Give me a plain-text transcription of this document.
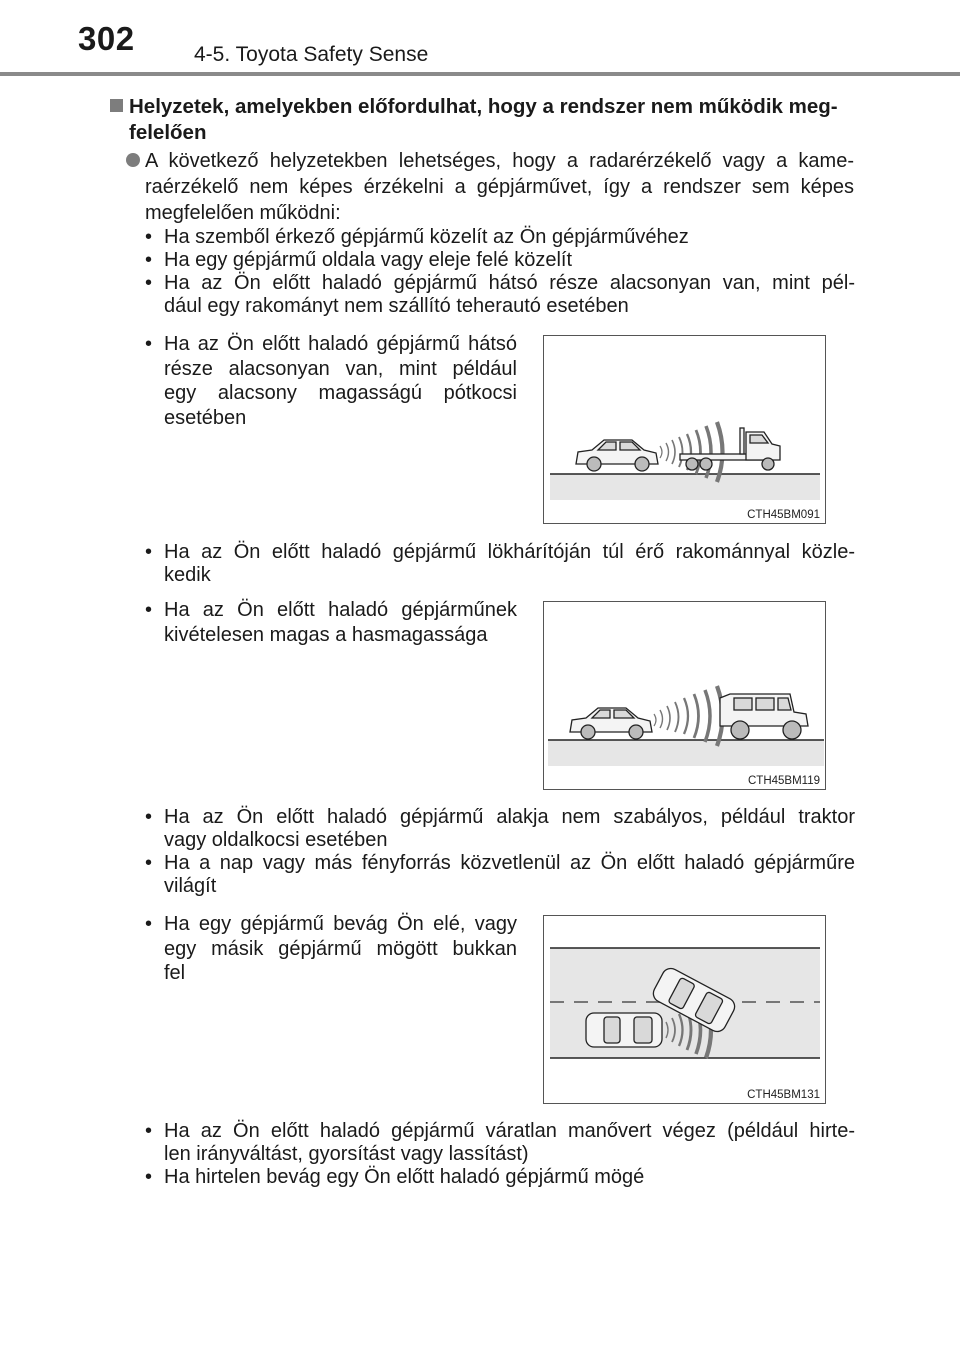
302	4-5. Toyota Safety Sense
Helyzetek, amelyekben előfordulhat, hogy a rendszer nem működik meg-
felelően
A következő helyzetekben lehetséges, hogy a radarérzékelő vagy a kame-
raérzékelő nem képes érzékelni a gépjárművet, így a rendszer sem képes
megfelelően működni:
• Ha szemből érkező gépjármű közelít az Ön gépjárművéhez
• Ha egy gépjármű oldala vagy eleje felé közelít
• Ha az Ön előtt haladó gépjármű hátsó része alacsonyan van, mint pél-
dául egy rakományt nem szállító teherautó esetében
• Ha az Ön előtt haladó gépjármű hátsó
része alacsonyan van, mint például
egy alacsony magasságú pótkocsi
esetében
CTH45BM091
• Ha az Ön előtt haladó gépjármű lökhárítóján túl érő rakománnyal közle-
kedik
• Ha az Ön előtt haladó gépjárműnek
kivételesen magas a hasmagassága
CTH45BM119
• Ha az Ön előtt haladó gépjármű alakja nem szabályos, például traktor
vagy oldalkocsi esetében
• Ha a nap vagy más fényforrás közvetlenül az Ön előtt haladó gépjárműre
világít
• Ha egy gépjármű bevág Ön elé, vagy
egy másik gépjármű mögött bukkan
fel
CTH45BM131
• Ha az Ön előtt haladó gépjármű váratlan manővert végez (például hirte-
len irányváltást, gyorsítást vagy lassítást)
• Ha hirtelen bevág egy Ön előtt haladó gépjármű mögé
